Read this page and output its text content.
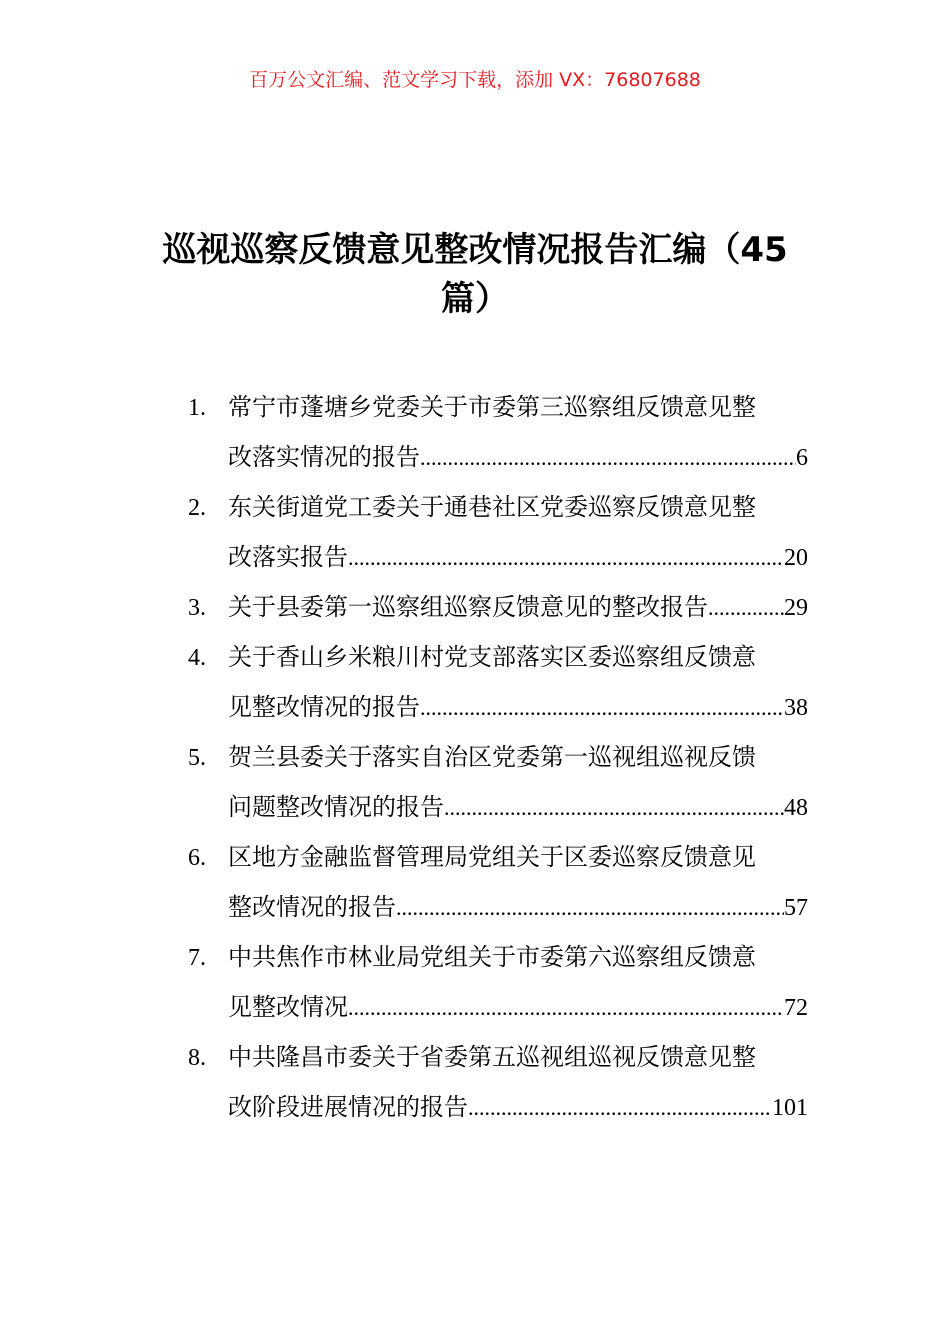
百万公文汇编、范文学习下载，添加 VX：76807688
巡视巡察反馈意见整改情况报告汇编（45
篇）
1. 常宁市蓬塘乡党委关于市委第三巡察组反馈意见整
改落实情况的报告 .....	6
2. 东关街道党工委关于通巷社区党委巡察反馈意见整
改落实报告 .....	20
3. 关于县委第一巡察组巡察反馈意见的整改报告 .....	29
4. 关于香山乡米粮川村党支部落实区委巡察组反馈意
见整改情况的报告 .....	38
5. 贺兰县委关于落实自治区党委第一巡视组巡视反馈
问题整改情况的报告 .....	48
6. 区地方金融监督管理局党组关于区委巡察反馈意见
整改情况的报告 .....	57
7. 中共焦作市林业局党组关于市委第六巡察组反馈意
见整改情况 .....	72
8. 中共隆昌市委关于省委第五巡视组巡视反馈意见整
改阶段进展情况的报告 .....	101
